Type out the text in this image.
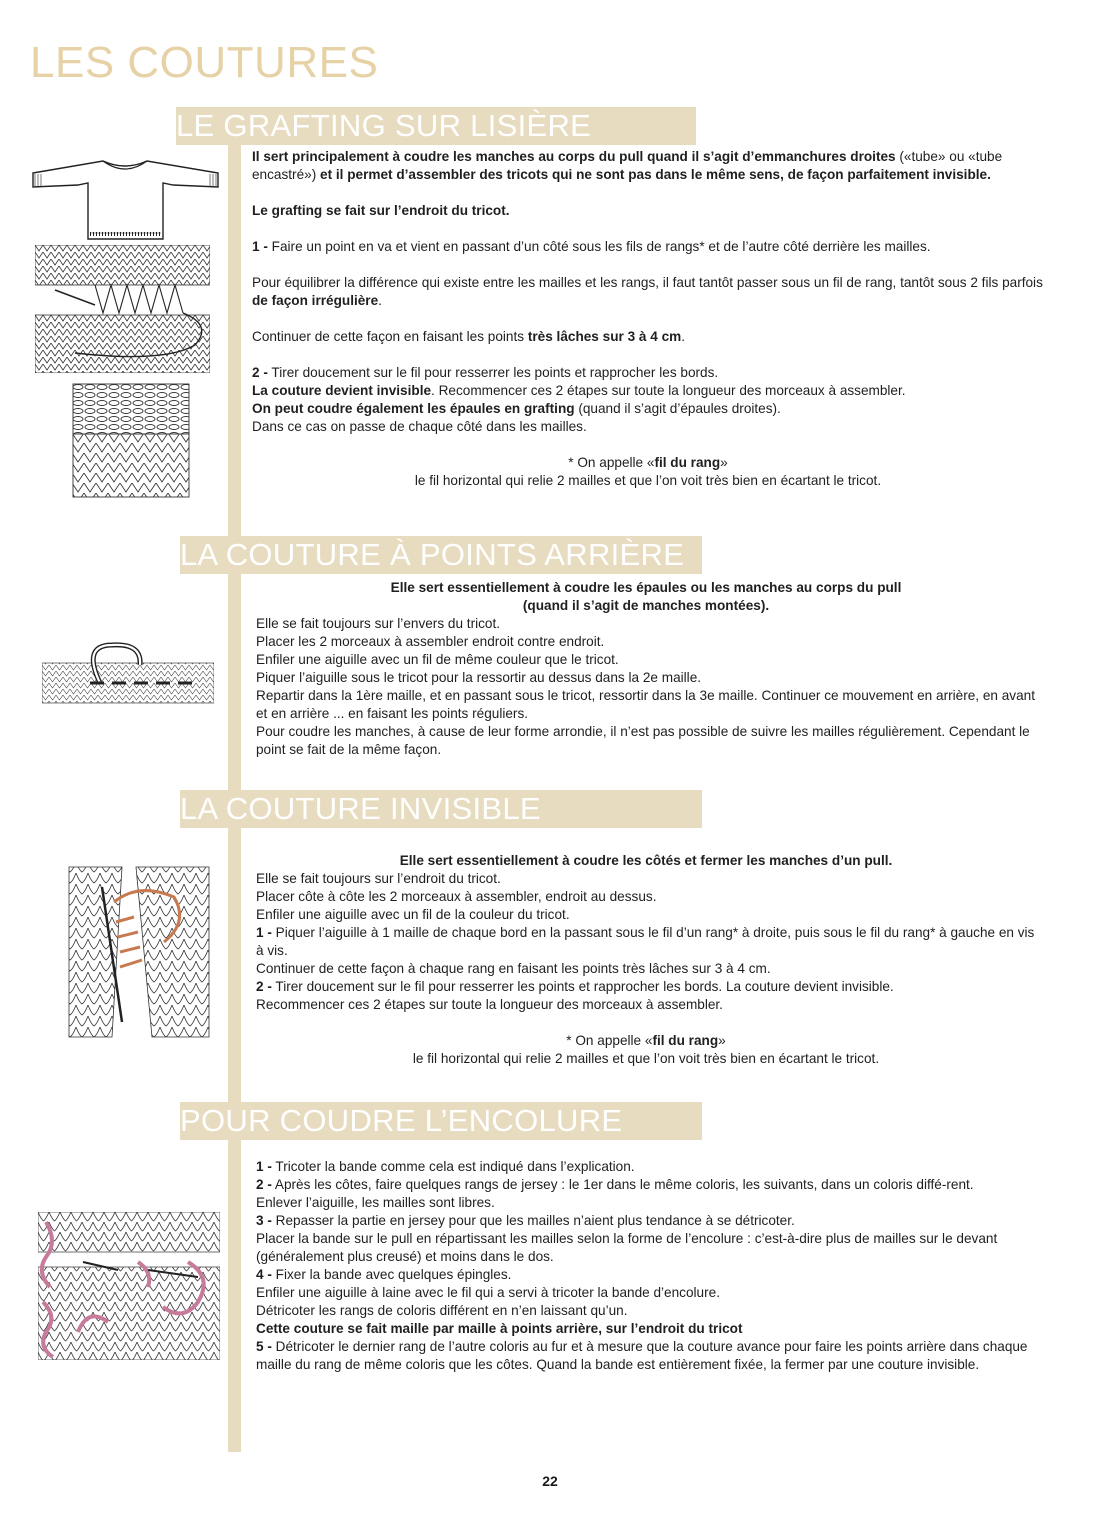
LES COUTURES
LE GRAFTING SUR LISIÈRE
LA COUTURE À POINTS ARRIÈRE
LA COUTURE INVISIBLE
POUR COUDRE L’ENCOLURE

Il sert principalement à coudre les manches au corps du pull quand il s’agit d’emmanchures droites («tube» ou «tube encastré») et il permet d’assembler des tricots qui ne sont pas dans le même sens, de façon parfaitement invisible.

Le grafting se fait sur l’endroit du tricot.

1 - Faire un point en va et vient en passant d’un côté sous les fils de rangs* et de l’autre côté derrière les mailles.

Pour équilibrer la différence qui existe entre les mailles et les rangs, il faut tantôt passer sous un fil de rang, tantôt sous 2 fils parfois de façon irrégulière.

Continuer de cette façon en faisant les points très lâches sur 3 à 4 cm.

2 - Tirer doucement sur le fil pour resserrer les points et rapprocher les bords.

La couture devient invisible. Recommencer ces 2 étapes sur toute la longueur des morceaux à assembler.

On peut coudre également les épaules en grafting (quand il s’agit d’épaules droites).

Dans ce cas on passe de chaque côté dans les mailles.

* On appelle «fil du rang»

le fil horizontal qui relie 2 mailles et que l’on voit très bien en écartant le tricot.

Elle sert essentiellement à coudre les épaules ou les manches au corps du pull

(quand il s’agit de manches montées).

Elle se fait toujours sur l’envers du tricot.

Placer les 2 morceaux à assembler endroit contre endroit.

Enfiler une aiguille avec un fil de même couleur que le tricot.

Piquer l’aiguille sous le tricot pour la ressortir au dessus dans la 2e maille.

Repartir dans la 1ère maille, et en passant sous le tricot, ressortir dans la 3e maille. Continuer ce mouvement en arrière, en avant et en arrière ... en faisant les points réguliers.

Pour coudre les manches, à cause de leur forme arrondie, il n’est pas possible de suivre les mailles régulièrement. Cependant le point se fait de la même façon.

Elle sert essentiellement à coudre les côtés et fermer les manches d’un pull.

Elle se fait toujours sur l’endroit du tricot.

Placer côte à côte les 2 morceaux à assembler, endroit au dessus.

Enfiler une aiguille avec un fil de la couleur du tricot.

1 - Piquer l’aiguille à 1 maille de chaque bord en la passant sous le fil d’un rang* à droite, puis sous le fil du rang* à gauche en vis à vis.

Continuer de cette façon à chaque rang en faisant les points très lâches sur 3 à 4 cm.

2 - Tirer doucement sur le fil pour resserrer les points et rapprocher les bords. La couture devient invisible.

Recommencer ces 2 étapes sur toute la longueur des morceaux à assembler.

* On appelle «fil du rang»

le fil horizontal qui relie 2 mailles et que l’on voit très bien en écartant le tricot.

1 - Tricoter la bande comme cela est indiqué dans l’explication.

2 - Après les côtes, faire quelques rangs de jersey : le 1er dans le même coloris, les suivants, dans un coloris diffé-rent.

Enlever l’aiguille, les mailles sont libres.

3 - Repasser la partie en jersey pour que les mailles n’aient plus tendance à se détricoter.

Placer la bande sur le pull en répartissant les mailles selon la forme de l’encolure : c’est-à-dire plus de mailles sur le devant (généralement plus creusé) et moins dans le dos.

4 - Fixer la bande avec quelques épingles.

Enfiler une aiguille à laine avec le fil qui a servi à tricoter la bande d’encolure.

Détricoter les rangs de coloris différent en n’en laissant qu’un.

Cette couture se fait maille par maille à points arrière, sur l’endroit du tricot

5 - Détricoter le dernier rang de l’autre coloris au fur et à mesure que la couture avance pour faire les points arrière dans chaque maille du rang de même coloris que les côtes. Quand la bande est entièrement fixée, la fermer par une couture invisible.

22
